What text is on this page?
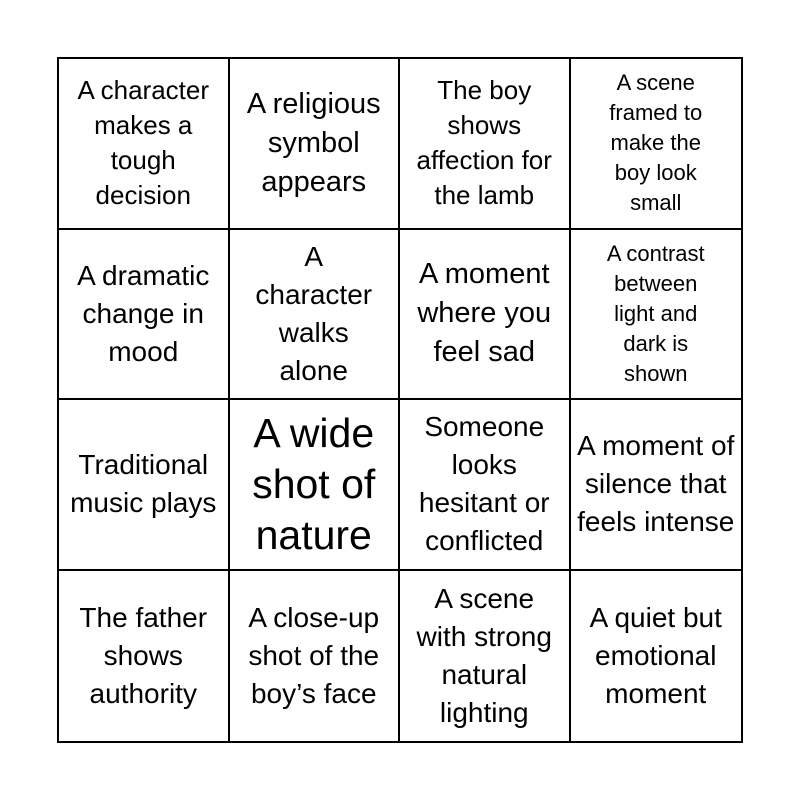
A character makes a tough decision
A religious symbol appears
The boy shows affection for the lamb
A scene framed to make the boy look small
A dramatic change in mood
A character walks alone
A moment where you feel sad
A contrast between light and dark is shown
Traditional music plays
A wide shot of nature
Someone looks hesitant or conflicted
A moment of silence that feels intense
The father shows authority
A close-up shot of the boy’s face
A scene with strong natural lighting
A quiet but emotional moment
